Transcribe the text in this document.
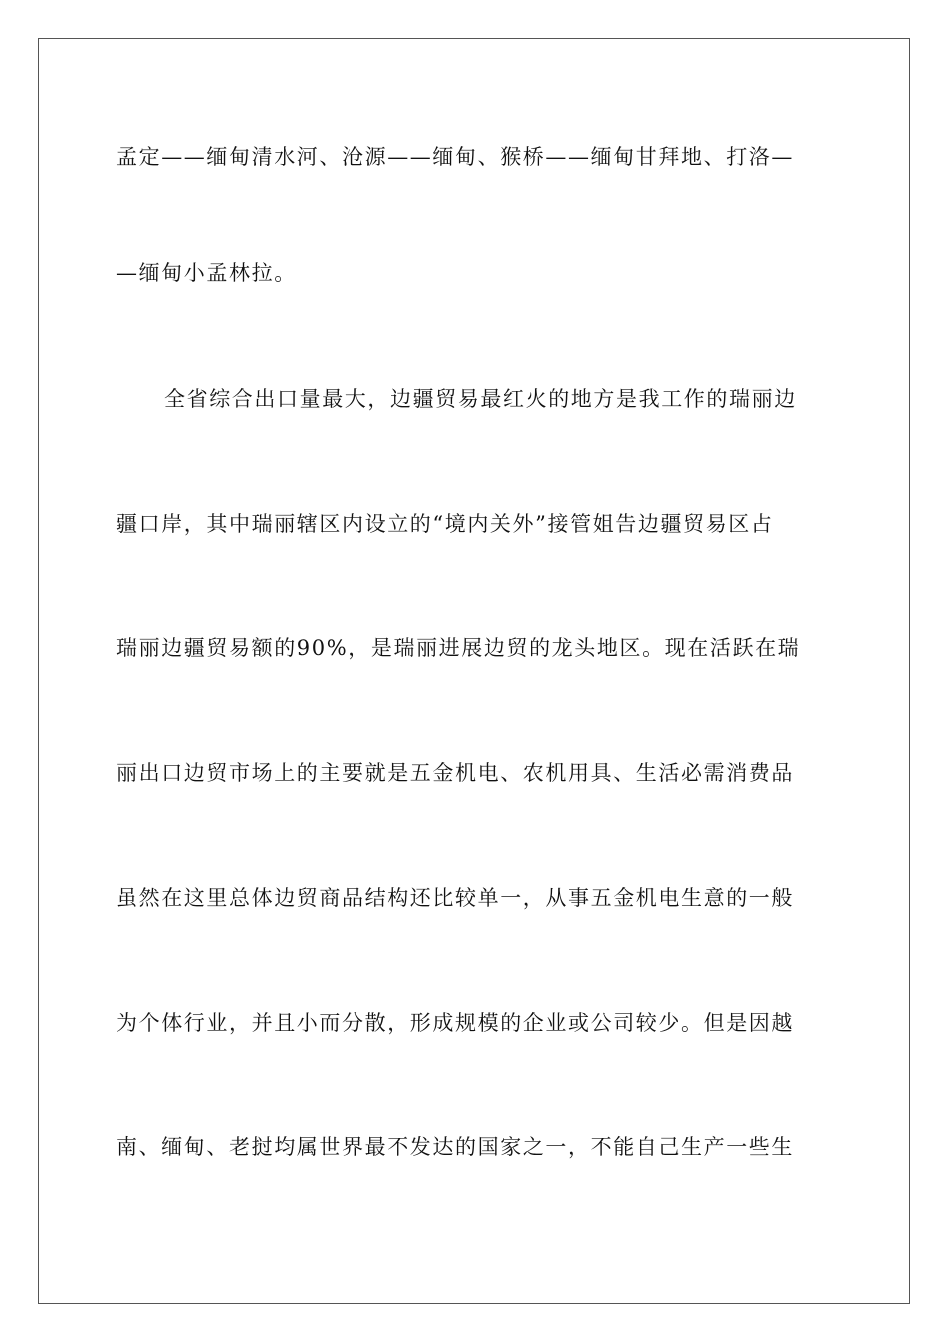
孟定——缅甸清水河、沧源——缅甸、猴桥——缅甸甘拜地、打洛—
—缅甸小孟林拉。
全省综合出口量最大，边疆贸易最红火的地方是我工作的瑞丽边
疆口岸，其中瑞丽辖区内设立的“境内关外”接管姐告边疆贸易区占
瑞丽边疆贸易额的90%，是瑞丽进展边贸的龙头地区。现在活跃在瑞
丽出口边贸市场上的主要就是五金机电、农机用具、生活必需消费品
虽然在这里总体边贸商品结构还比较单一，从事五金机电生意的一般
为个体行业，并且小而分散，形成规模的企业或公司较少。但是因越
南、缅甸、老挝均属世界最不发达的国家之一，不能自己生产一些生
